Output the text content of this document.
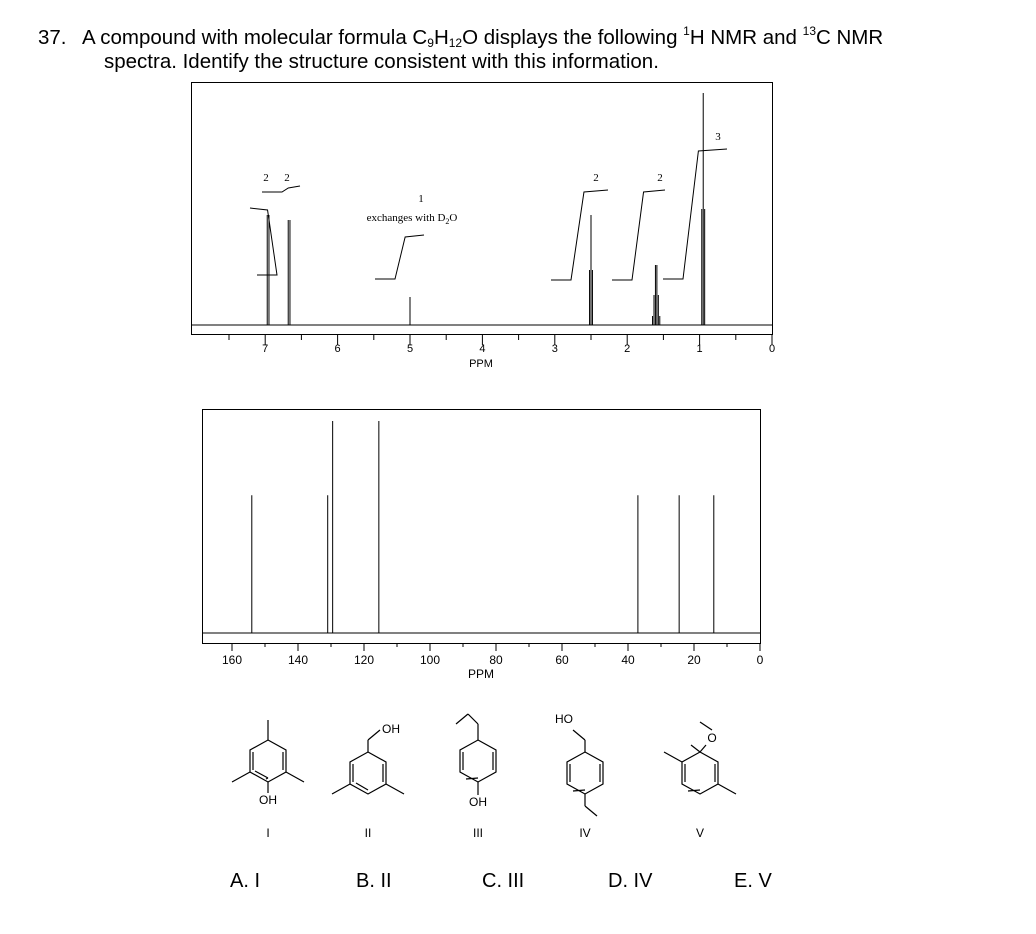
37. A compound with molecular formula $C_9H_{12}O$ displays the following $^1$H NMR and $^{13}$C NMR
spectra. Identify the structure consistent with this information.
2 2
1
2	2
3
exchanges with $D_2O$
PPM
7	6	5	4	3	2	1	0
160	140	120	100	80	60	40	20	0
PPM
OH
OH
OH
HO
O
I	II	III	IV	V
A. I	B. II	C. III	D. IV	E. V
